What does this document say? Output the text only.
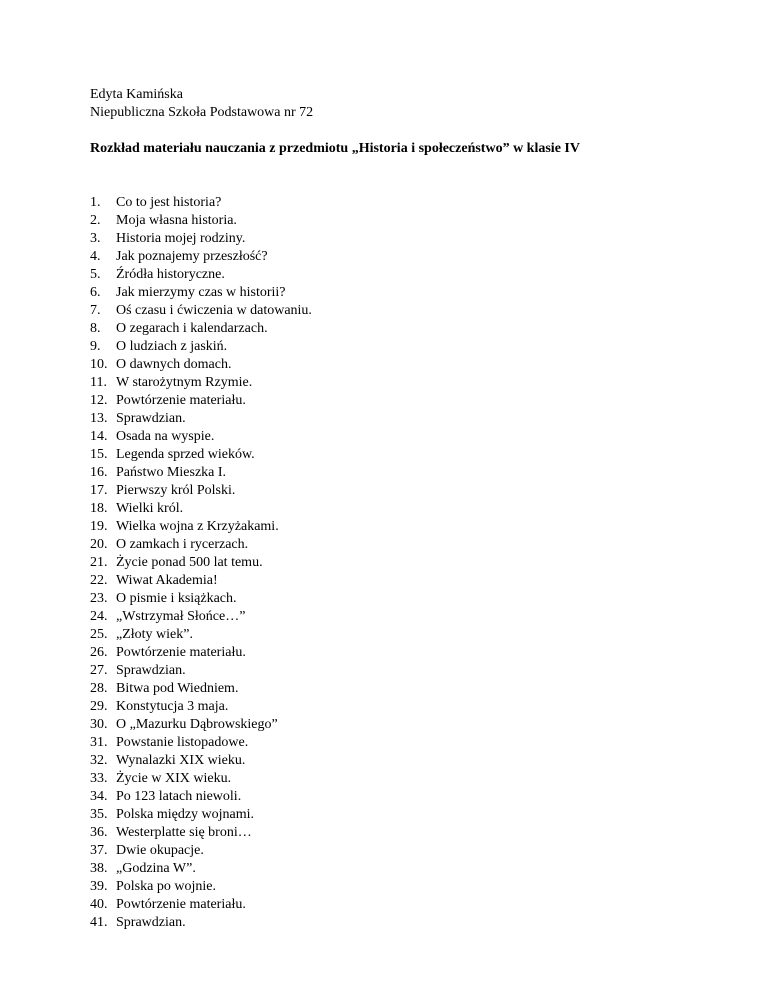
Edyta Kamińska
Niepubliczna Szkoła Podstawowa nr 72
Rozkład materiału nauczania z przedmiotu „Historia i społeczeństwo” w klasie IV
1.	Co to jest historia?
2.	Moja własna historia.
3.	Historia mojej rodziny.
4.	Jak poznajemy przeszłość?
5.	Źródła historyczne.
6.	Jak mierzymy czas w historii?
7.	Oś czasu i ćwiczenia w datowaniu.
8.	O zegarach i kalendarzach.
9.	O ludziach z jaskiń.
10. O dawnych domach.
11. W starożytnym Rzymie.
12. Powtórzenie materiału.
13. Sprawdzian.
14. Osada na wyspie.
15. Legenda sprzed wieków.
16. Państwo Mieszka I.
17. Pierwszy król Polski.
18. Wielki król.
19. Wielka wojna z Krzyżakami.
20. O zamkach i rycerzach.
21. Życie ponad 500 lat temu.
22. Wiwat Akademia!
23. O pismie i książkach.
24. „Wstrzymał Słońce…”
25. „Złoty wiek”.
26. Powtórzenie materiału.
27. Sprawdzian.
28. Bitwa pod Wiedniem.
29. Konstytucja 3 maja.
30. O „Mazurku Dąbrowskiego”
31. Powstanie listopadowe.
32. Wynalazki XIX wieku.
33. Życie w XIX wieku.
34. Po 123 latach niewoli.
35. Polska między wojnami.
36. Westerplatte się broni…
37. Dwie okupacje.
38. „Godzina W”.
39. Polska po wojnie.
40. Powtórzenie materiału.
41. Sprawdzian.
